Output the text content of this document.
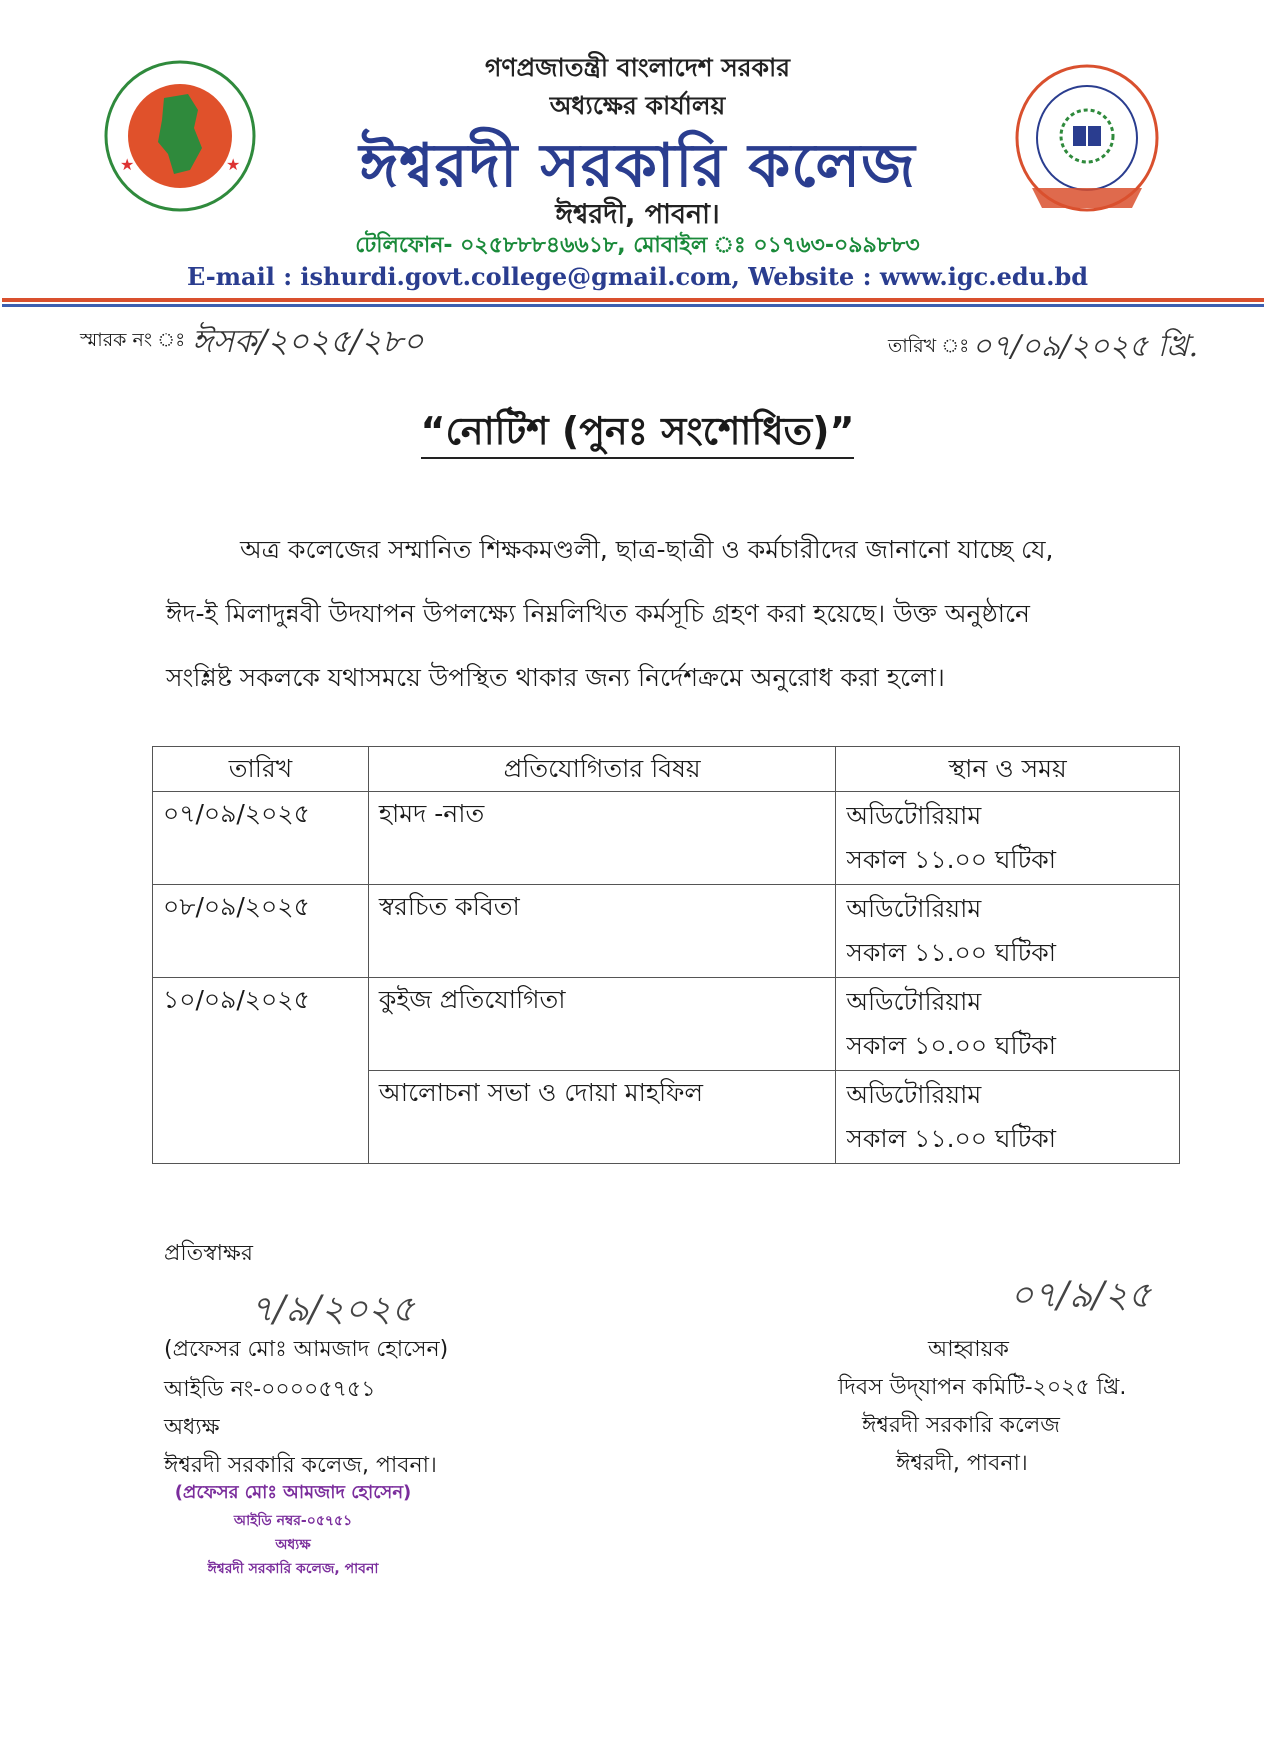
★	★
গণপ্রজাতন্ত্রী বাংলাদেশ সরকার
অধ্যক্ষের কার্যালয়
ঈশ্বরদী সরকারি কলেজ
ঈশ্বরদী, পাবনা।
টেলিফোন- ০২৫৮৮৮৪৬৬১৮, মোবাইল ঃ ০১৭৬৩-০৯৯৮৮৩
E-mail : ishurdi.govt.college@gmail.com, Website : www.igc.edu.bd
স্মারক নং ঃ ঈসক/২০২৫/২৮০	তারিখ ঃ ০৭/০৯/২০২৫ খ্রি.
“নোটিশ (পুনঃ সংশোধিত)”
অত্র কলেজের সম্মানিত শিক্ষকমণ্ডলী, ছাত্র-ছাত্রী ও কর্মচারীদের জানানো যাচ্ছে যে,
ঈদ-ই মিলাদুন্নবী উদযাপন উপলক্ষ্যে নিম্নলিখিত কর্মসূচি গ্রহণ করা হয়েছে। উক্ত অনুষ্ঠানে
সংশ্লিষ্ট সকলকে যথাসময়ে উপস্থিত থাকার জন্য নির্দেশক্রমে অনুরোধ করা হলো।
তারিখ	প্রতিযোগিতার বিষয়	স্থান ও সময়
০৭/০৯/২০২৫	হামদ -নাত	অডিটোরিয়াম
সকাল ১১.০০ ঘটিকা

০৮/০৯/২০২৫	স্বরচিত কবিতা	অডিটোরিয়াম
সকাল ১১.০০ ঘটিকা

১০/০৯/২০২৫	কুইজ প্রতিযোগিতা	অডিটোরিয়াম
সকাল ১০.০০ ঘটিকা

	আলোচনা সভা ও দোয়া মাহফিল	অডিটোরিয়াম
সকাল ১১.০০ ঘটিকা
প্রতিস্বাক্ষর
৭/৯/২০২৫
(প্রফেসর মোঃ আমজাদ হোসেন)
আইডি নং-০০০০৫৭৫১
অধ্যক্ষ
ঈশ্বরদী সরকারি কলেজ, পাবনা।
(প্রফেসর মোঃ আমজাদ হোসেন)
আইডি নম্বর-০৫৭৫১
অধ্যক্ষ
ঈশ্বরদী সরকারি কলেজ, পাবনা
০৭/৯/২৫
আহ্বায়ক
দিবস উদ্‌যাপন কমিটি-২০২৫ খ্রি.
ঈশ্বরদী সরকারি কলেজ
ঈশ্বরদী, পাবনা।
